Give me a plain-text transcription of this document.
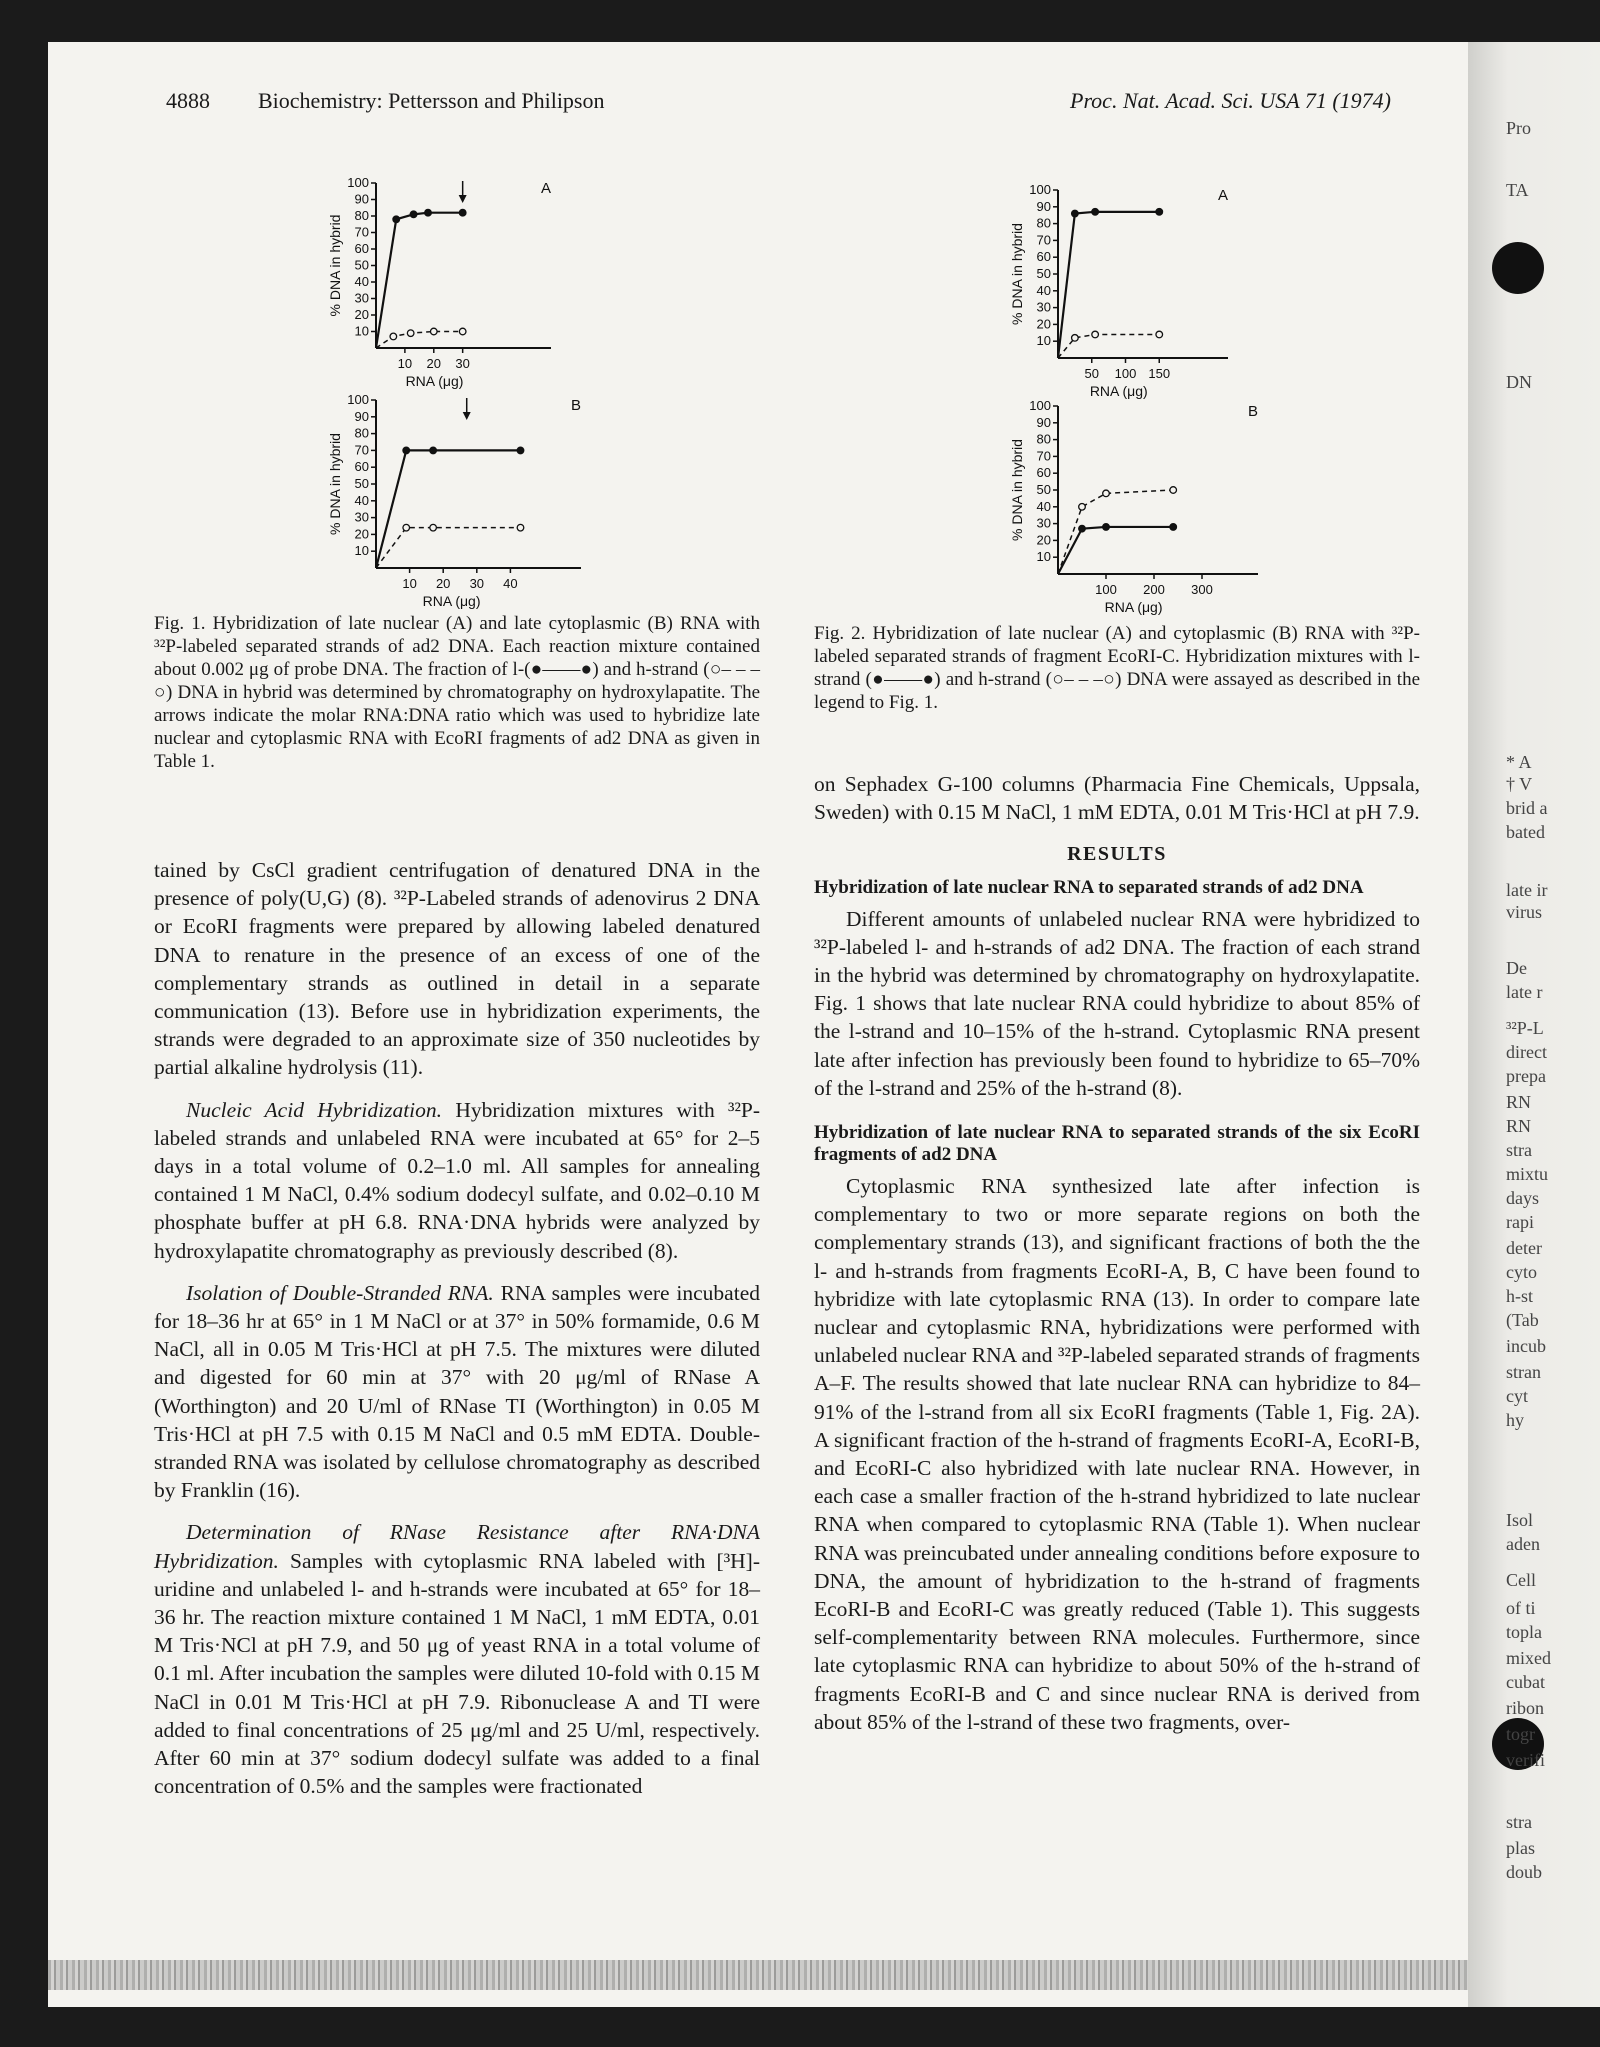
4888 Biochemistry: Pettersson and Philipson	Proc. Nat. Acad. Sci. USA 71 (1974)
10
20
30
40
50
60
70
80
90
100
10 20 30
RNA (μg)
% DNA in hybrid
A
10
20
30
40
50
60
70
80
90
100
10 20 30 40
RNA (μg)
% DNA in hybrid
B
10
20
30
40
50
60
70
80
90
100
50 100 150
RNA (μg)
% DNA in hybrid
A
10
20
30
40
50
60
70
80
90
100
100 200 300
RNA (μg)
% DNA in hybrid
B
Fig. 1. Hybridization of late nuclear (A) and late cytoplasmic (B) RNA with ³²P-labeled separated strands of ad2 DNA. Each reaction mixture contained about 0.002 μg of probe DNA. The fraction of l-(●——●) and h-strand (○– – –○) DNA in hybrid was determined by chromatography on hydroxylapatite. The arrows indicate the molar RNA:DNA ratio which was used to hybridize late nuclear and cytoplasmic RNA with EcoRI fragments of ad2 DNA as given in Table 1.
Fig. 2. Hybridization of late nuclear (A) and cytoplasmic (B) RNA with ³²P-labeled separated strands of fragment EcoRI-C. Hybridization mixtures with l-strand (●——●) and h-strand (○– – –○) DNA were assayed as described in the legend to Fig. 1.

tained by CsCl gradient centrifugation of denatured DNA in the presence of poly(U,G) (8). ³²P-Labeled strands of adenovirus 2 DNA or EcoRI fragments were prepared by allowing labeled denatured DNA to renature in the presence of an excess of one of the complementary strands as outlined in detail in a separate communication (13). Before use in hybridization experiments, the strands were degraded to an approximate size of 350 nucleotides by partial alkaline hydrolysis (11).

Nucleic Acid Hybridization. Hybridization mixtures with ³²P-labeled strands and unlabeled RNA were incubated at 65° for 2–5 days in a total volume of 0.2–1.0 ml. All samples for annealing contained 1 M NaCl, 0.4% sodium dodecyl sulfate, and 0.02–0.10 M phosphate buffer at pH 6.8. RNA·DNA hybrids were analyzed by hydroxylapatite chromatography as previously described (8).

Isolation of Double-Stranded RNA. RNA samples were incubated for 18–36 hr at 65° in 1 M NaCl or at 37° in 50% formamide, 0.6 M NaCl, all in 0.05 M Tris·HCl at pH 7.5. The mixtures were diluted and digested for 60 min at 37° with 20 μg/ml of RNase A (Worthington) and 20 U/ml of RNase TI (Worthington) in 0.05 M Tris·HCl at pH 7.5 with 0.15 M NaCl and 0.5 mM EDTA. Double-stranded RNA was isolated by cellulose chromatography as described by Franklin (16).

Determination of RNase Resistance after RNA·DNA Hybridization. Samples with cytoplasmic RNA labeled with [³H]-uridine and unlabeled l- and h-strands were incubated at 65° for 18–36 hr. The reaction mixture contained 1 M NaCl, 1 mM EDTA, 0.01 M Tris·NCl at pH 7.9, and 50 μg of yeast RNA in a total volume of 0.1 ml. After incubation the samples were diluted 10-fold with 0.15 M NaCl in 0.01 M Tris·HCl at pH 7.9. Ribonuclease A and TI were added to final concentrations of 25 μg/ml and 25 U/ml, respectively. After 60 min at 37° sodium dodecyl sulfate was added to a final concentration of 0.5% and the samples were fractionated

on Sephadex G-100 columns (Pharmacia Fine Chemicals, Uppsala, Sweden) with 0.15 M NaCl, 1 mM EDTA, 0.01 M Tris·HCl at pH 7.9.

RESULTS
Hybridization of late nuclear RNA to separated strands of ad2 DNA

Different amounts of unlabeled nuclear RNA were hybridized to ³²P-labeled l- and h-strands of ad2 DNA. The fraction of each strand in the hybrid was determined by chromatography on hydroxylapatite. Fig. 1 shows that late nuclear RNA could hybridize to about 85% of the l-strand and 10–15% of the h-strand. Cytoplasmic RNA present late after infection has previously been found to hybridize to 65–70% of the l-strand and 25% of the h-strand (8).

Hybridization of late nuclear RNA to separated strands of the six EcoRI fragments of ad2 DNA

Cytoplasmic RNA synthesized late after infection is complementary to two or more separate regions on both the complementary strands (13), and significant fractions of both the the l- and h-strands from fragments EcoRI-A, B, C have been found to hybridize with late cytoplasmic RNA (13). In order to compare late nuclear and cytoplasmic RNA, hybridizations were performed with unlabeled nuclear RNA and ³²P-labeled separated strands of fragments A–F. The results showed that late nuclear RNA can hybridize to 84–91% of the l-strand from all six EcoRI fragments (Table 1, Fig. 2A). A significant fraction of the h-strand of fragments EcoRI-A, EcoRI-B, and EcoRI-C also hybridized with late nuclear RNA. However, in each case a smaller fraction of the h-strand hybridized to late nuclear RNA when compared to cytoplasmic RNA (Table 1). When nuclear RNA was preincubated under annealing conditions before exposure to DNA, the amount of hybridization to the h-strand of fragments EcoRI-B and EcoRI-C was greatly reduced (Table 1). This suggests self-complementarity between RNA molecules. Furthermore, since late cytoplasmic RNA can hybridize to about 50% of the h-strand of fragments EcoRI-B and C and since nuclear RNA is derived from about 85% of the l-strand of these two fragments, over-

Pro
TA
DN
* A
† V
brid a
bated
late ir
virus
De
late r
³²P-L
direct
prepa
RN
RN
stra
mixtu
days
rapi
deter
cyto
h-st
(Tab
incub
stran
cyt
hy
Isol
aden
Cell
of ti
topla
mixed
cubat
ribon
togr
verifi
stra
plas
doub
